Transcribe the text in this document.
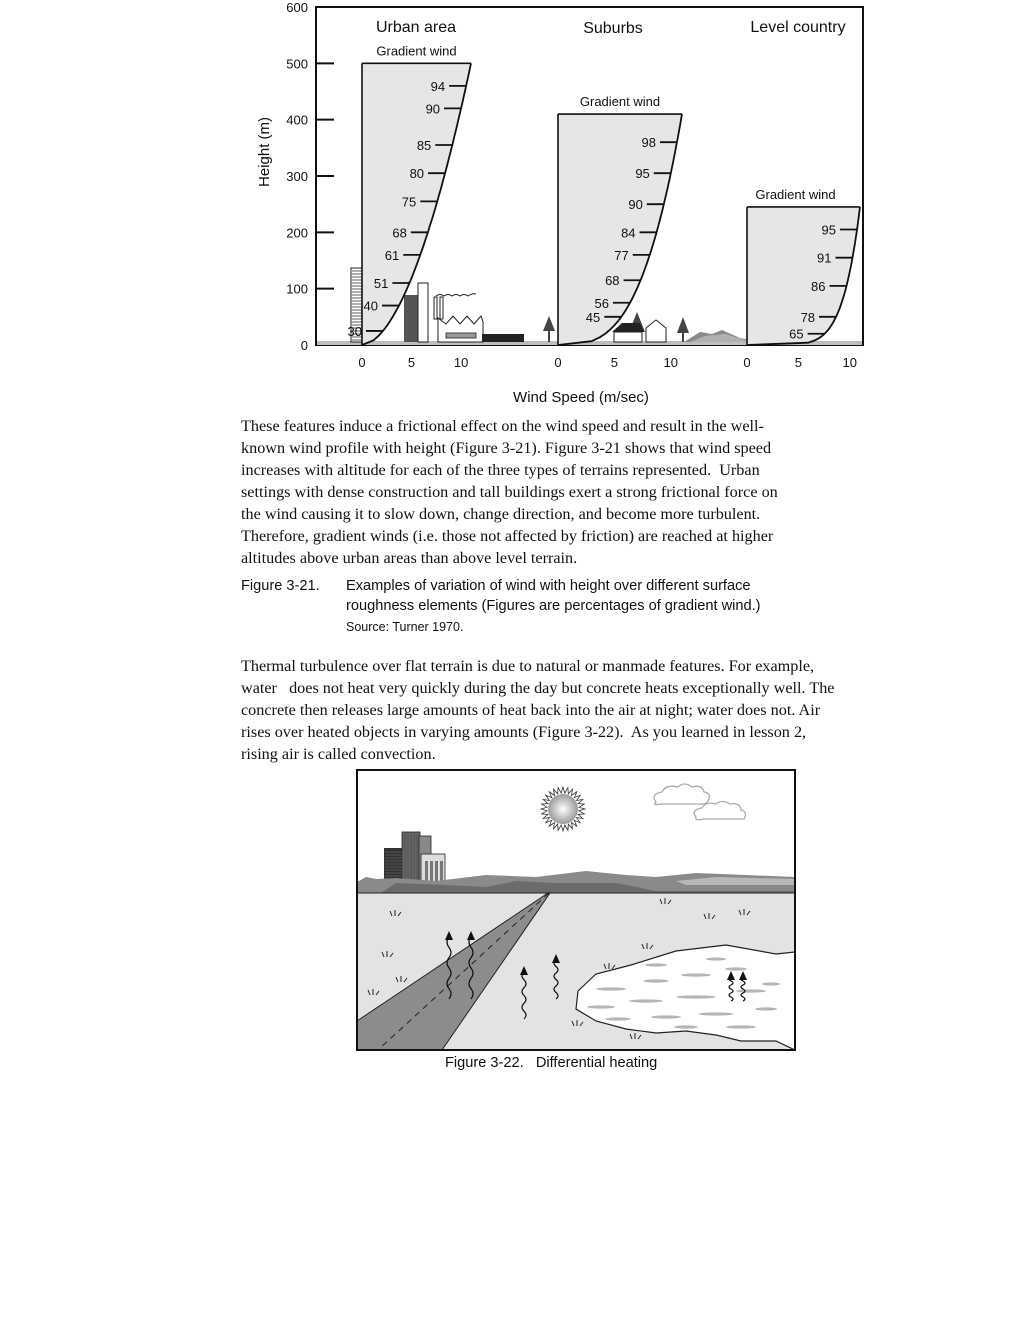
Height (m)
Wind Speed (m/sec)
0
100
200
300
400
500
600
Urban area
Gradient wind
30
40
51
61
68
75
80
85
90
94
0	5	10
Suburbs
Gradient wind
45
56
68
77
84
90
95
98
0	5	10
Level country
Gradient wind
65
78
86
91
95
0	5	10

These features induce a frictional effect on the wind speed and result in the well-
known wind profile with height (Figure 3-21). Figure 3-21 shows that wind speed
increases with altitude for each of the three types of terrains represented.  Urban
settings with dense construction and tall buildings exert a strong frictional force on
the wind causing it to slow down, change direction, and become more turbulent.
Therefore, gradient winds (i.e. those not affected by friction) are reached at higher
altitudes above urban areas than above level terrain.

Figure 3-21. Examples of variation of wind with height over different surface
roughness elements (Figures are percentages of gradient wind.)
Source: Turner 1970.

Thermal turbulence over flat terrain is due to natural or manmade features. For example,
water   does not heat very quickly during the day but concrete heats exceptionally well. The
concrete then releases large amounts of heat back into the air at night; water does not. Air
rises over heated objects in varying amounts (Figure 3-22).  As you learned in lesson 2,
rising air is called convection.

Figure 3-22.   Differential heating
